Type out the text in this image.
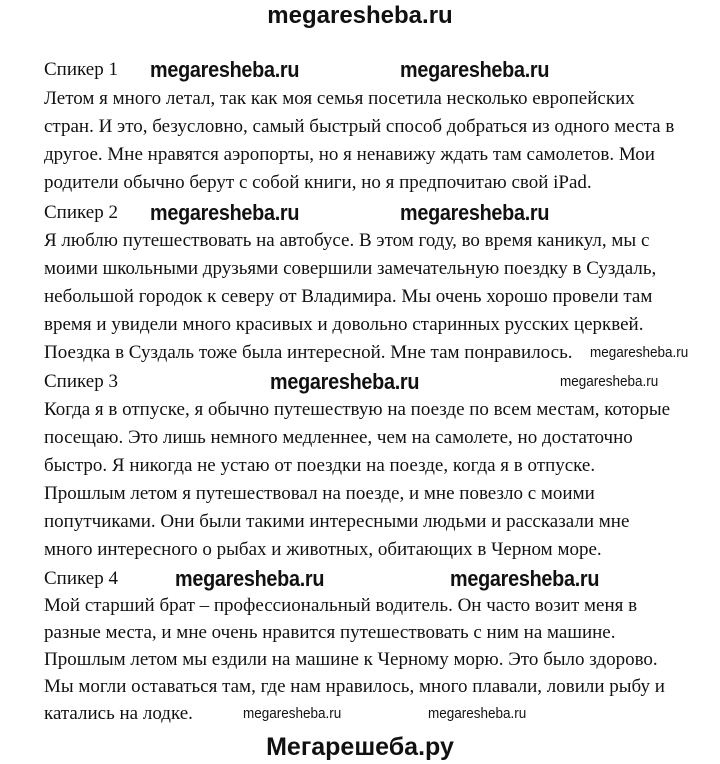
megaresheba.ru
Спикер 1 megaresheba.ru	megaresheba.ru
Летом я много летал, так как моя семья посетила несколько европейских
стран. И это, безусловно, самый быстрый способ добраться из одного места в
другое. Мне нравятся аэропорты, но я ненавижу ждать там самолетов. Мои
родители обычно берут с собой книги, но я предпочитаю свой iPad.
Спикер 2 megaresheba.ru	megaresheba.ru
Я люблю путешествовать на автобусе. В этом году, во время каникул, мы с
моими школьными друзьями совершили замечательную поездку в Суздаль,
небольшой городок к северу от Владимира. Мы очень хорошо провели там
время и увидели много красивых и довольно старинных русских церквей.
Поездка в Суздаль тоже была интересной. Мне там понравилось. megaresheba.ru
Спикер 3	megaresheba.ru	megaresheba.ru
Когда я в отпуске, я обычно путешествую на поезде по всем местам, которые
посещаю. Это лишь немного медленнее, чем на самолете, но достаточно
быстро. Я никогда не устаю от поездки на поезде, когда я в отпуске.
Прошлым летом я путешествовал на поезде, и мне повезло с моими
попутчиками. Они были такими интересными людьми и рассказали мне
много интересного о рыбах и животных, обитающих в Черном море.
Спикер 4	megaresheba.ru	megaresheba.ru
Мой старший брат – профессиональный водитель. Он часто возит меня в
разные места, и мне очень нравится путешествовать с ним на машине.
Прошлым летом мы ездили на машине к Черному морю. Это было здорово.
Мы могли оставаться там, где нам нравилось, много плавали, ловили рыбу и
катались на лодке.	megaresheba.ru	megaresheba.ru
Мегарешеба.ру
